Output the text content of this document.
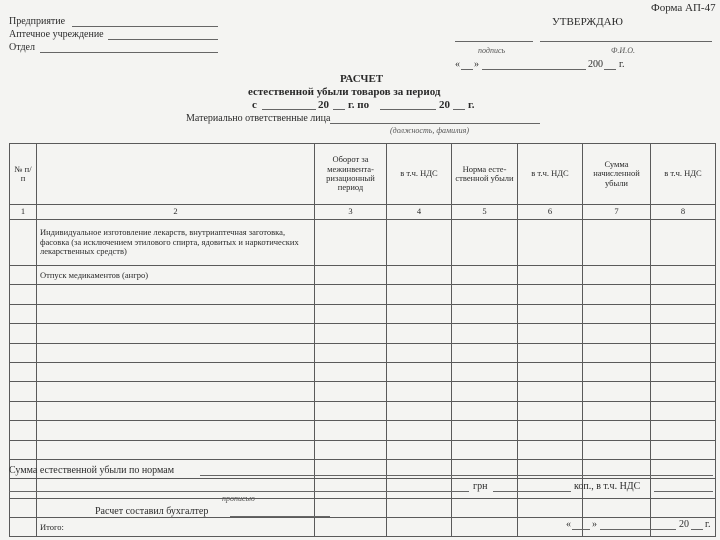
Форма АП-47
Предприятие
Аптечное учреждение
Отдел
УТВЕРЖДАЮ
подпись	Ф.И.О.
« »	200 г.
РАСЧЕТ
естественной убыли товаров за период
с	20 г. по	20 г.
Материально ответственные лица
(должность, фамилия)
№ п/п		Оборот за межинвента-ризационный период	в т.ч. НДС	Норма есте-ственной убыли	в т.ч. НДС	Сумма начисленной убыли	в т.ч. НДС
1	2	3	4	5	6	7	8
	Индивидуальное изготовление лекарств, внутриаптечная заготовка, фасовка (за исключением этилового спирта, ядовитых и наркотических лекарственных средств)						
	Отпуск медикаментов (ангро)						

	Итого:						
Сумма естественной убыли по нормам
грн	коп., в т.ч. НДС
прописью
Расчет составил бухгалтер
« »	20 г.
